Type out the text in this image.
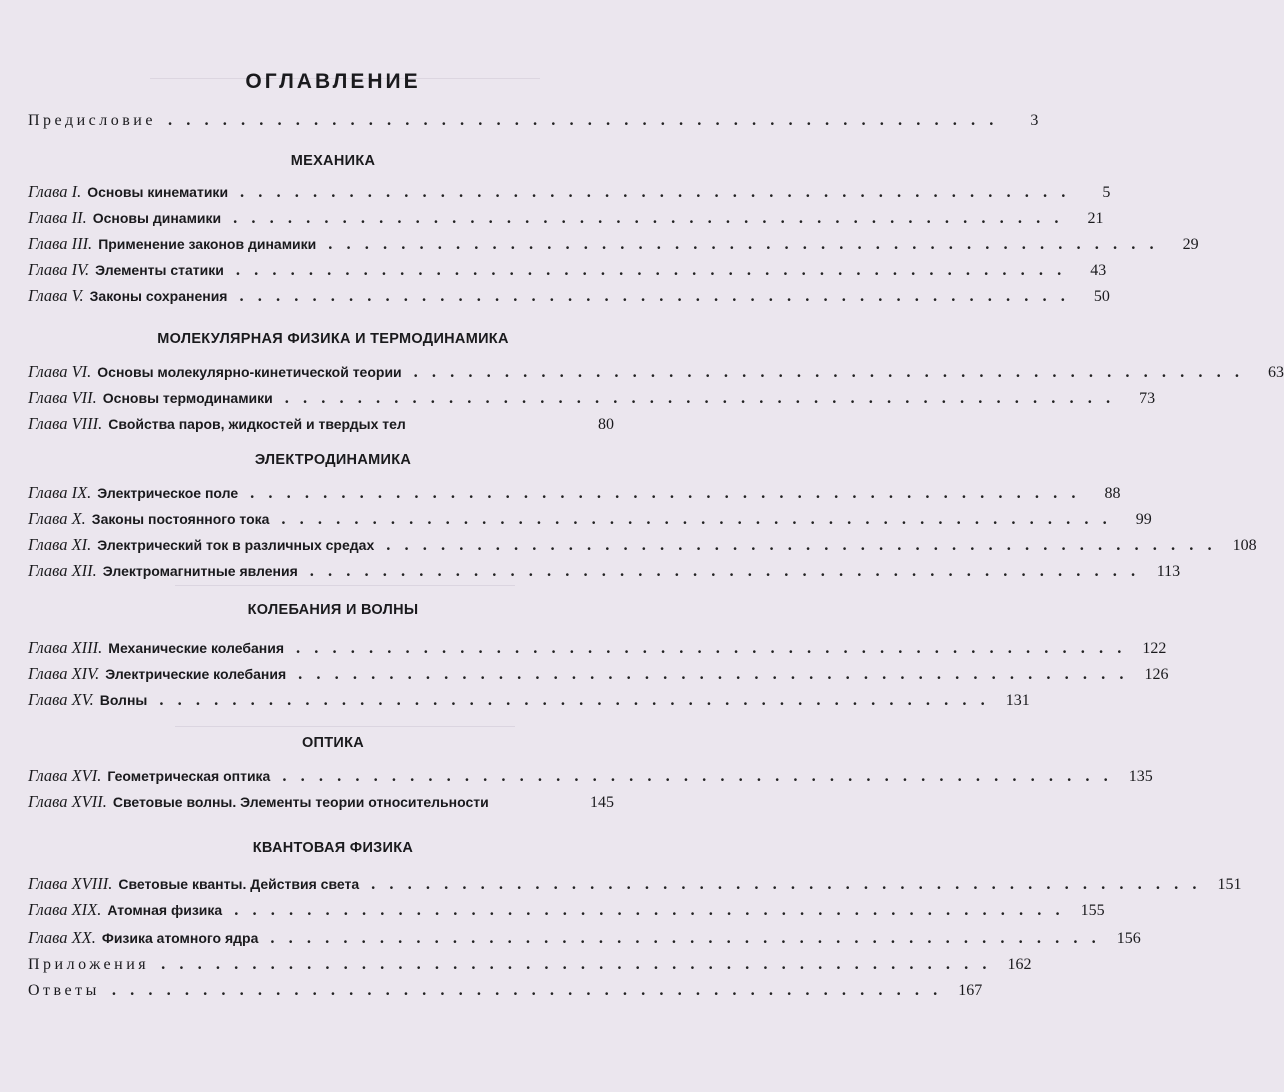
ОГЛАВЛЕНИЕ
Предисловие . . . . . . . . . . . . . . . . . . . . . . . . . . . . . . . . . . . . . . . . . . . . . .	3
МЕХАНИКА
Глава I. Основы кинематики . . . . . . . . . . . . . . . . . . . . . . . . . . . . . . . . . . . . . . . . . . . . . .	5
Глава II. Основы динамики . . . . . . . . . . . . . . . . . . . . . . . . . . . . . . . . . . . . . . . . . . . . . .	21
Глава III. Применение законов динамики . . . . . . . . . . . . . . . . . . . . . . . . . . . . . . . . . . . . . . . . . . . . . .	29
Глава IV. Элементы статики . . . . . . . . . . . . . . . . . . . . . . . . . . . . . . . . . . . . . . . . . . . . . .	43
Глава V. Законы сохранения . . . . . . . . . . . . . . . . . . . . . . . . . . . . . . . . . . . . . . . . . . . . . .	50
МОЛЕКУЛЯРНАЯ ФИЗИКА И ТЕРМОДИНАМИКА
Глава VI. Основы молекулярно-кинетической теории . . . . . . . . . . . . . . . . . . . . . . . . . . . . . . . . . . . . . . . . . . . . . .	63
Глава VII. Основы термодинамики . . . . . . . . . . . . . . . . . . . . . . . . . . . . . . . . . . . . . . . . . . . . . .	73
Глава VIII. Свойства паров, жидкостей и твердых тел	80
ЭЛЕКТРОДИНАМИКА
Глава IX. Электрическое поле . . . . . . . . . . . . . . . . . . . . . . . . . . . . . . . . . . . . . . . . . . . . . .	88
Глава X. Законы постоянного тока . . . . . . . . . . . . . . . . . . . . . . . . . . . . . . . . . . . . . . . . . . . . . .	99
Глава XI. Электрический ток в различных средах . . . . . . . . . . . . . . . . . . . . . . . . . . . . . . . . . . . . . . . . . . . . . .	108
Глава XII. Электромагнитные явления . . . . . . . . . . . . . . . . . . . . . . . . . . . . . . . . . . . . . . . . . . . . . .	113
КОЛЕБАНИЯ И ВОЛНЫ
Глава XIII. Механические колебания . . . . . . . . . . . . . . . . . . . . . . . . . . . . . . . . . . . . . . . . . . . . . .	122
Глава XIV. Электрические колебания . . . . . . . . . . . . . . . . . . . . . . . . . . . . . . . . . . . . . . . . . . . . . .	126
Глава XV. Волны . . . . . . . . . . . . . . . . . . . . . . . . . . . . . . . . . . . . . . . . . . . . . .	131
ОПТИКА
Глава XVI. Геометрическая оптика . . . . . . . . . . . . . . . . . . . . . . . . . . . . . . . . . . . . . . . . . . . . . .	135
Глава XVII. Световые волны. Элементы теории относительности	145
КВАНТОВАЯ ФИЗИКА
Глава XVIII. Световые кванты. Действия света . . . . . . . . . . . . . . . . . . . . . . . . . . . . . . . . . . . . . . . . . . . . . .	151
Глава XIX. Атомная физика . . . . . . . . . . . . . . . . . . . . . . . . . . . . . . . . . . . . . . . . . . . . . .	155
Глава XX. Физика атомного ядра . . . . . . . . . . . . . . . . . . . . . . . . . . . . . . . . . . . . . . . . . . . . . .	156
Приложения . . . . . . . . . . . . . . . . . . . . . . . . . . . . . . . . . . . . . . . . . . . . . .	162
Ответы . . . . . . . . . . . . . . . . . . . . . . . . . . . . . . . . . . . . . . . . . . . . . .	167
